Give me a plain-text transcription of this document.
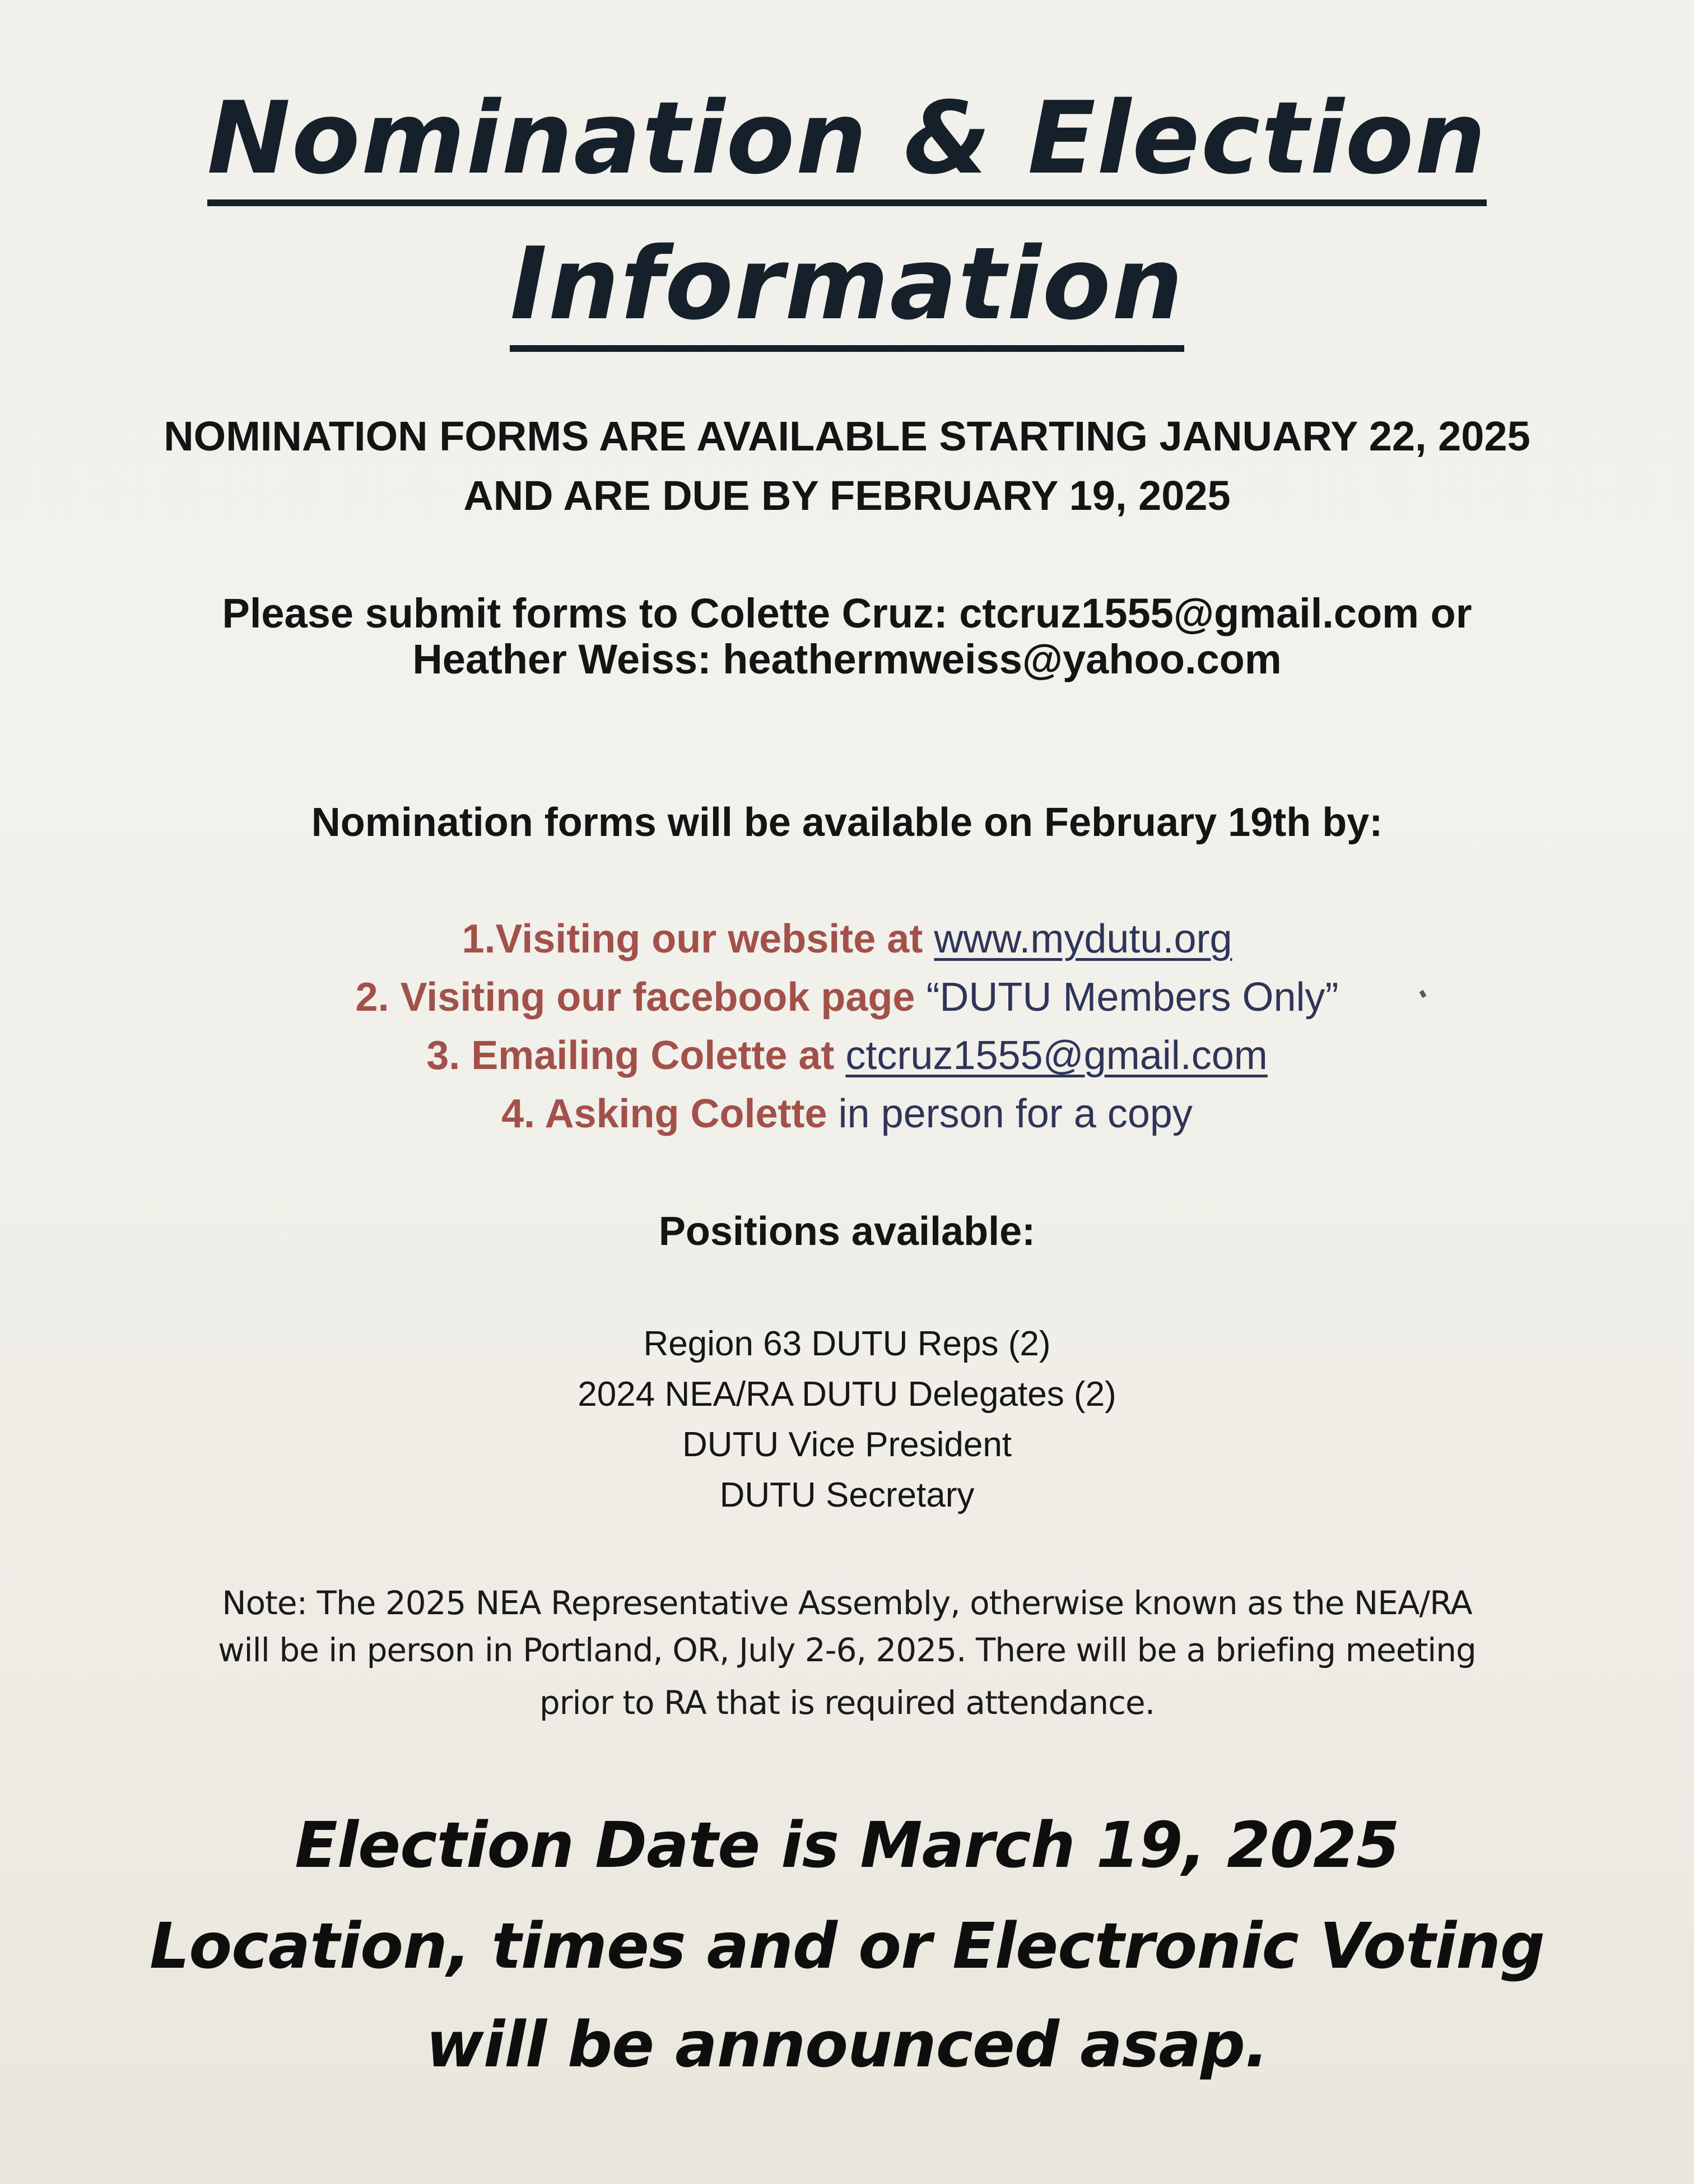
Nomination & Election
Information
NOMINATION FORMS ARE AVAILABLE STARTING JANUARY 22, 2025
AND ARE DUE BY FEBRUARY 19, 2025
Please submit forms to Colette Cruz: ctcruz1555@gmail.com or
Heather Weiss: heathermweiss@yahoo.com
Nomination forms will be available on February 19th by:
1.Visiting our website at www.mydutu.org
2. Visiting our facebook page “DUTU Members Only”
3. Emailing Colette at ctcruz1555@gmail.com
4. Asking Colette in person for a copy
Positions available:
Region 63 DUTU Reps (2)
2024 NEA/RA DUTU Delegates (2)
DUTU Vice President
DUTU Secretary
Note: The 2025 NEA Representative Assembly, otherwise known as the NEA/RA
will be in person in Portland, OR, July 2-6, 2025. There will be a briefing meeting
prior to RA that is required attendance.
Election Date is March 19, 2025
Location, times and or Electronic Voting
will be announced asap.
